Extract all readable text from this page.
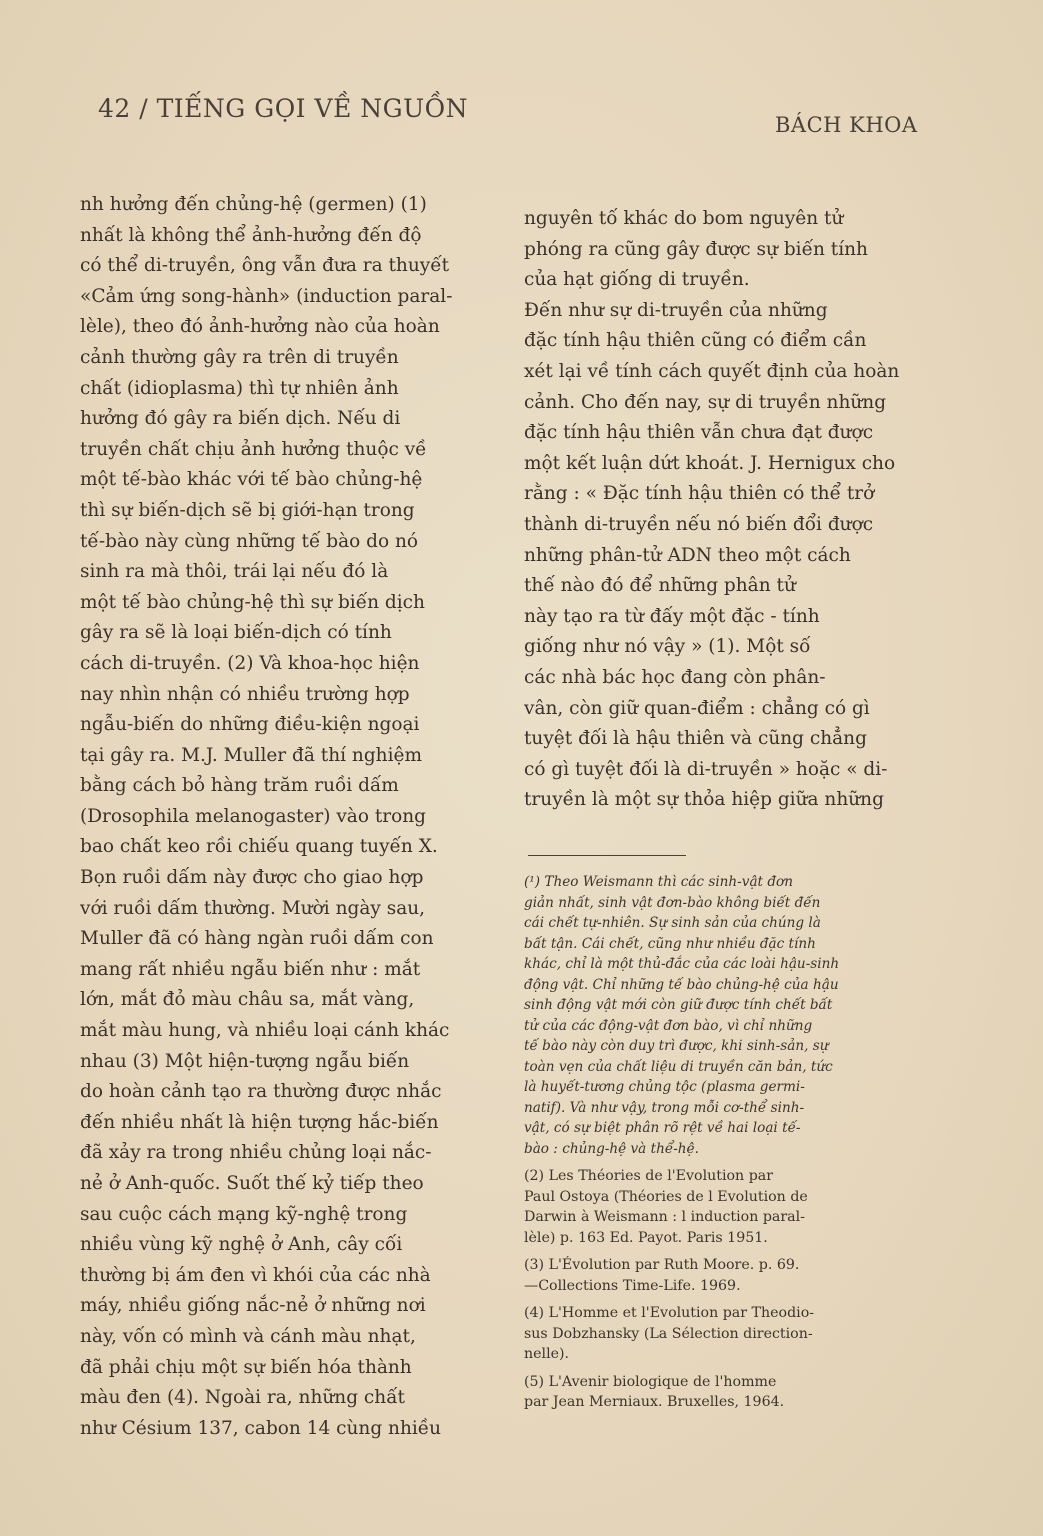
42 / TIẾNG GỌI VỀ NGUỒN
BÁCH KHOA
nh hưởng đến chủng-hệ (germen) (1)
nhất là không thể ảnh-hưởng đến độ
có thể di-truyền, ông vẫn đưa ra thuyết
«Cảm ứng song-hành» (induction paral-
lèle), theo đó ảnh-hưởng nào của hoàn
cảnh thường gây ra trên di truyền
chất (idioplasma) thì tự nhiên ảnh
hưởng đó gây ra biến dịch. Nếu di
truyền chất chịu ảnh hưởng thuộc về
một tế-bào khác với tế bào chủng-hệ
thì sự biến-dịch sẽ bị giới-hạn trong
tế-bào này cùng những tế bào do nó
sinh ra mà thôi, trái lại nếu đó là
một tế bào chủng-hệ thì sự biến dịch
gây ra sẽ là loại biến-dịch có tính
cách di-truyền. (2) Và khoa-học hiện
nay nhìn nhận có nhiều trường hợp
ngẫu-biến do những điều-kiện ngoại
tại gây ra. M.J. Muller đã thí nghiệm
bằng cách bỏ hàng trăm ruồi dấm
(Drosophila melanogaster) vào trong
bao chất keo rồi chiếu quang tuyến X.
Bọn ruồi dấm này được cho giao hợp
với ruồi dấm thường. Mười ngày sau,
Muller đã có hàng ngàn ruồi dấm con
mang rất nhiều ngẫu biến như : mắt
lớn, mắt đỏ màu châu sa, mắt vàng,
mắt màu hung, và nhiều loại cánh khác
nhau (3) Một hiện-tượng ngẫu biến
do hoàn cảnh tạo ra thường được nhắc
đến nhiều nhất là hiện tượng hắc-biến
đã xảy ra trong nhiều chủng loại nắc-
nẻ ở Anh-quốc. Suốt thế kỷ tiếp theo
sau cuộc cách mạng kỹ-nghệ trong
nhiều vùng kỹ nghệ ở Anh, cây cối
thường bị ám đen vì khói của các nhà
máy, nhiều giống nắc-nẻ ở những nơi
này, vốn có mình và cánh màu nhạt,
đã phải chịu một sự biến hóa thành
màu đen (4). Ngoài ra, những chất
như Césium 137, cabon 14 cùng nhiều
nguyên tố khác do bom nguyên tử
phóng ra cũng gây được sự biến tính
của hạt giống di truyền.
Đến như sự di-truyền của những
đặc tính hậu thiên cũng có điểm cần
xét lại về tính cách quyết định của hoàn
cảnh. Cho đến nay, sự di truyền những
đặc tính hậu thiên vẫn chưa đạt được
một kết luận dứt khoát. J. Hernigux cho
rằng : « Đặc tính hậu thiên có thể trở
thành di-truyền nếu nó biến đổi được
những phân-tử ADN theo một cách
thế nào đó để những phân tử
này tạo ra từ đấy một đặc - tính
giống như nó vậy » (1). Một số
các nhà bác học đang còn phân-
vân, còn giữ quan-điểm : chẳng có gì
tuyệt đối là hậu thiên và cũng chẳng
có gì tuyệt đối là di-truyền » hoặc « di-
truyền là một sự thỏa hiệp giữa những
(¹) Theo Weismann thì các sinh-vật đơn
giản nhất, sinh vật đơn-bào không biết đến
cái chết tự-nhiên. Sự sinh sản của chúng là
bất tận. Cái chết, cũng như nhiều đặc tính
khác, chỉ là một thủ-đắc của các loài hậu-sinh
động vật. Chỉ những tế bào chủng-hệ của hậu
sinh động vật mới còn giữ được tính chết bất
tử của các động-vật đơn bào, vì chỉ những
tế bào này còn duy trì được, khi sinh-sản, sự
toàn vẹn của chất liệu di truyền căn bản, tức
là huyết-tương chủng tộc (plasma germi-
natif). Và như vậy, trong mỗi cơ-thể sinh-
vật, có sự biệt phân rõ rệt về hai loại tế-
bào : chủng-hệ và thể-hệ.
(2) Les Théories de l'Evolution par
Paul Ostoya (Théories de l Evolution de
Darwin à Weismann : l induction paral-
lèle) p. 163 Ed. Payot. Paris 1951.
(3) L'Évolution par Ruth Moore. p. 69.
—Collections Time-Life. 1969.
(4) L'Homme et l'Evolution par Theodio-
sus Dobzhansky (La Sélection direction-
nelle).
(5) L'Avenir biologique de l'homme
par Jean Merniaux. Bruxelles, 1964.
